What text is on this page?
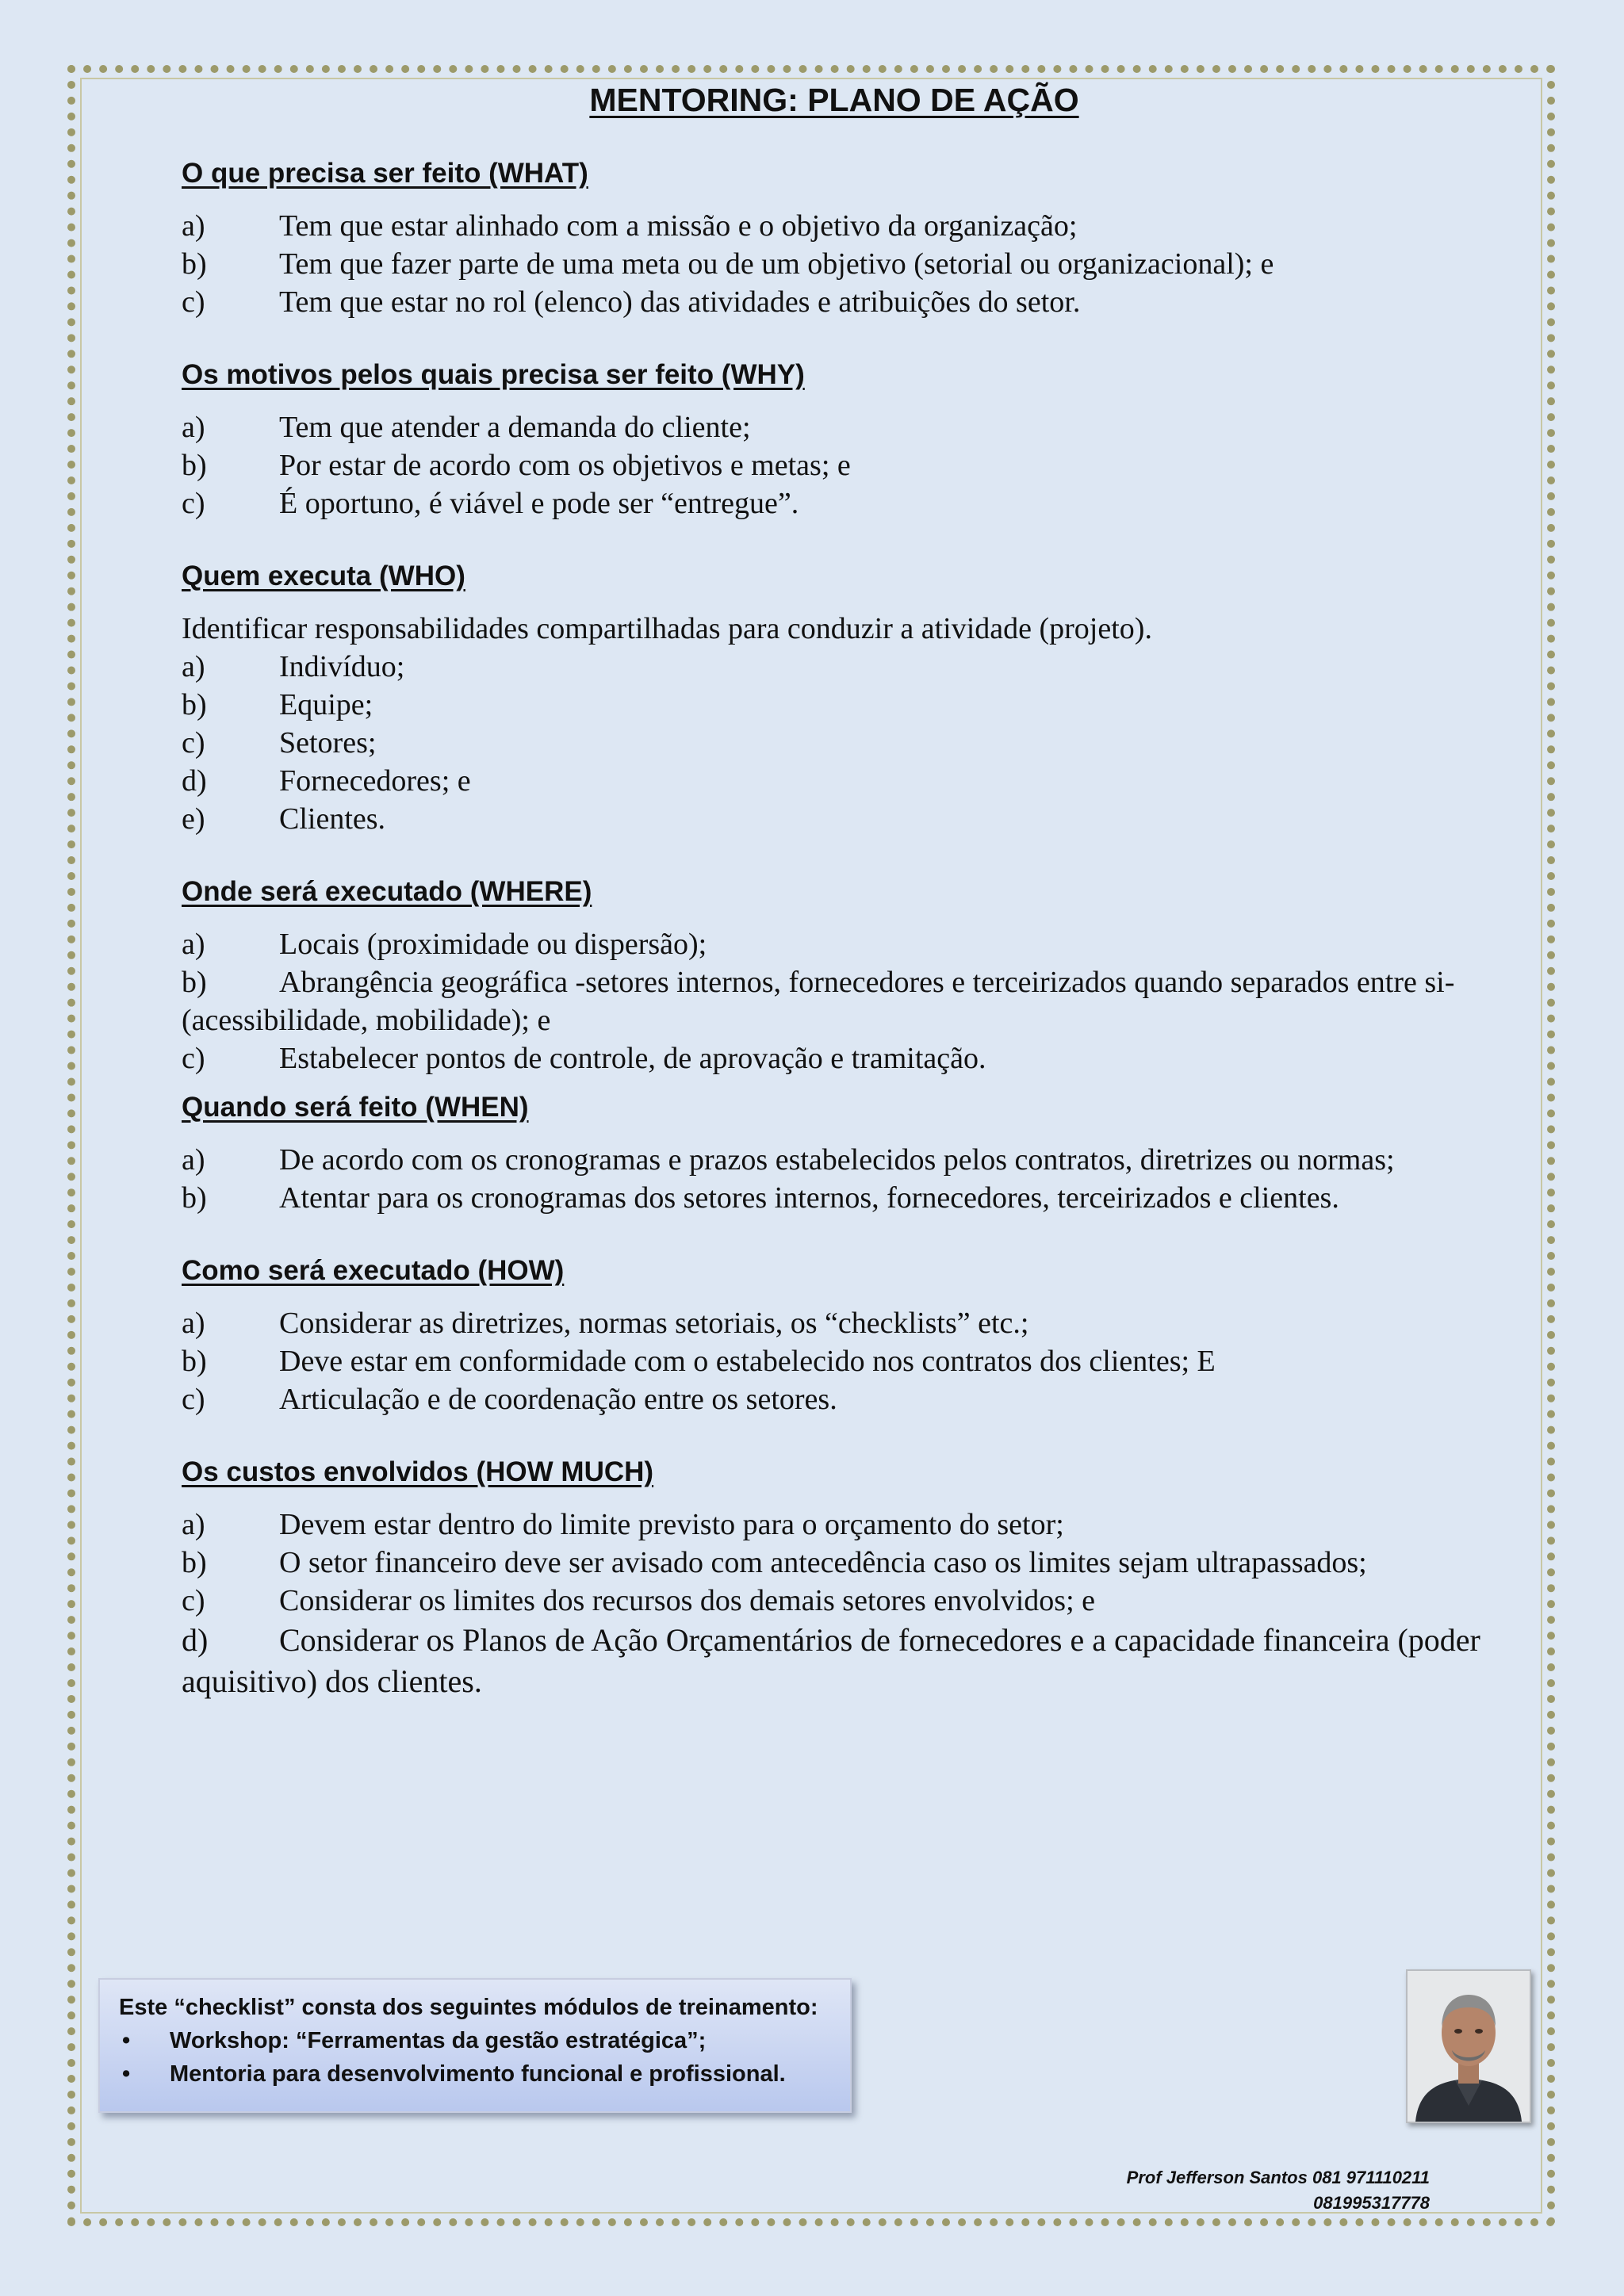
MENTORING: PLANO DE AÇÃO
O que precisa ser feito (WHAT)
a) Tem que estar alinhado com a missão e o objetivo da organização;
b) Tem que fazer parte de uma meta ou de um objetivo (setorial ou organizacional); e
c) Tem que estar no rol (elenco) das atividades e atribuições do setor.
Os motivos pelos quais precisa ser feito (WHY)
a) Tem que atender a demanda do cliente;
b) Por estar de acordo com os objetivos e metas; e
c) É oportuno, é viável e pode ser “entregue”.
Quem executa (WHO)
Identificar responsabilidades compartilhadas para conduzir a atividade (projeto).
a) Indivíduo;
b) Equipe;
c) Setores;
d) Fornecedores; e
e) Clientes.
Onde será executado (WHERE)
a) Locais (proximidade ou dispersão);
b) Abrangência geográfica -setores internos, fornecedores e terceirizados quando separados entre si- (acessibilidade, mobilidade); e
c) Estabelecer pontos de controle, de aprovação e tramitação.
Quando será feito (WHEN)
a) De acordo com os cronogramas e prazos estabelecidos pelos contratos, diretrizes ou normas;
b) Atentar para os cronogramas dos setores internos, fornecedores, terceirizados e clientes.
Como será executado (HOW)
a) Considerar as diretrizes, normas setoriais, os “checklists” etc.;
b) Deve estar em conformidade com o estabelecido nos contratos dos clientes; E
c) Articulação e de coordenação entre os setores.
Os custos envolvidos (HOW MUCH)
a) Devem estar dentro do limite previsto para o orçamento do setor;
b) O setor financeiro deve ser avisado com antecedência caso os limites sejam ultrapassados;
c) Considerar os limites dos recursos dos demais setores envolvidos; e
d) Considerar os Planos de Ação Orçamentários de fornecedores e a capacidade financeira (poder aquisitivo) dos clientes.
Este “checklist” consta dos seguintes módulos de treinamento:
• Workshop: “Ferramentas da gestão estratégica”;
• Mentoria para desenvolvimento funcional e profissional.
Prof Jefferson Santos 081 971110211
081995317778
